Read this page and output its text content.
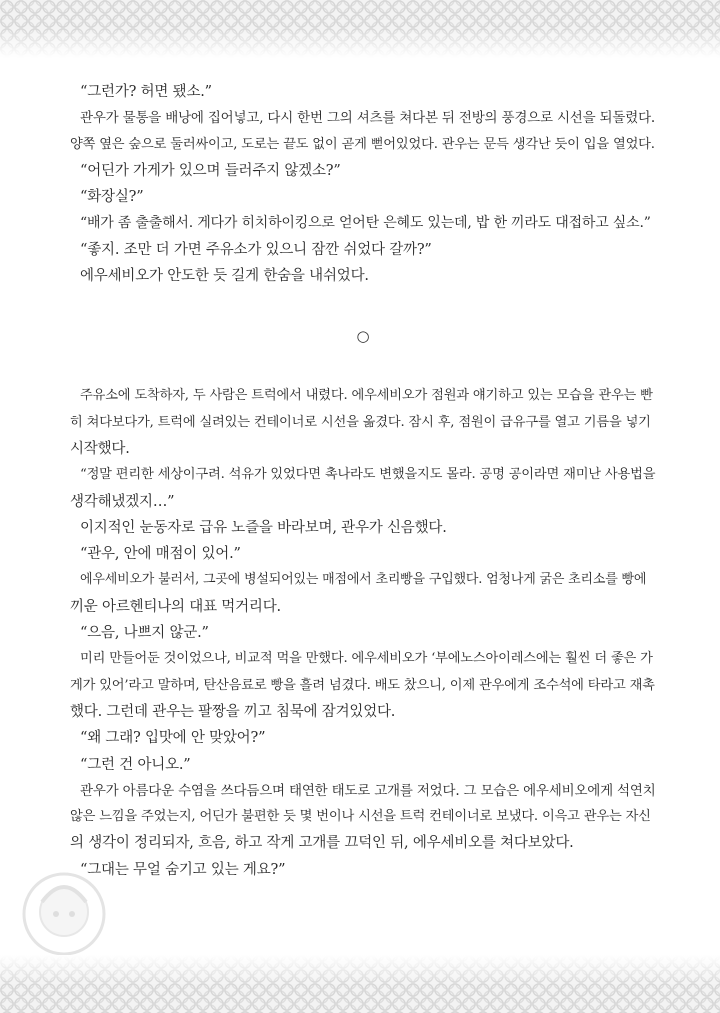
“그런가? 허면 됐소.”
관우가 물통을 배낭에 집어넣고, 다시 한번 그의 셔츠를 쳐다본 뒤 전방의 풍경으로 시선을 되돌렸다.
양쪽 옆은 숲으로 둘러싸이고, 도로는 끝도 없이 곧게 뻗어있었다. 관우는 문득 생각난 듯이 입을 열었다.
“어딘가 가게가 있으며 들러주지 않겠소?”
“화장실?”
“배가 좀 출출해서. 게다가 히치하이킹으로 얻어탄 은혜도 있는데, 밥 한 끼라도 대접하고 싶소.”
“좋지. 조만 더 가면 주유소가 있으니 잠깐 쉬었다 갈까?”
에우세비오가 안도한 듯 길게 한숨을 내쉬었다.
○
주유소에 도착하자, 두 사람은 트럭에서 내렸다. 에우세비오가 점원과 얘기하고 있는 모습을 관우는 빤
히 쳐다보다가, 트럭에 실려있는 컨테이너로 시선을 옮겼다. 잠시 후, 점원이 급유구를 열고 기름을 넣기
시작했다.
“정말 편리한 세상이구려. 석유가 있었다면 촉나라도 변했을지도 몰라. 공명 공이라면 재미난 사용법을
생각해냈겠지…”
이지적인 눈동자로 급유 노즐을 바라보며, 관우가 신음했다.
“관우, 안에 매점이 있어.”
에우세비오가 불러서, 그곳에 병설되어있는 매점에서 초리빵을 구입했다. 엄청나게 굵은 초리소를 빵에
끼운 아르헨티나의 대표 먹거리다.
“으음, 나쁘지 않군.”
미리 만들어둔 것이었으나, 비교적 먹을 만했다. 에우세비오가 ‘부에노스아이레스에는 훨씬 더 좋은 가
게가 있어’라고 말하며, 탄산음료로 빵을 흘려 넘겼다. 배도 찼으니, 이제 관우에게 조수석에 타라고 재촉
했다. 그런데 관우는 팔짱을 끼고 침묵에 잠겨있었다.
“왜 그래? 입맛에 안 맞았어?”
“그런 건 아니오.”
관우가 아름다운 수염을 쓰다듬으며 태연한 태도로 고개를 저었다. 그 모습은 에우세비오에게 석연치
않은 느낌을 주었는지, 어딘가 불편한 듯 몇 번이나 시선을 트럭 컨테이너로 보냈다. 이윽고 관우는 자신
의 생각이 정리되자, 흐음, 하고 작게 고개를 끄덕인 뒤, 에우세비오를 쳐다보았다.
“그대는 무얼 숨기고 있는 게요?”
